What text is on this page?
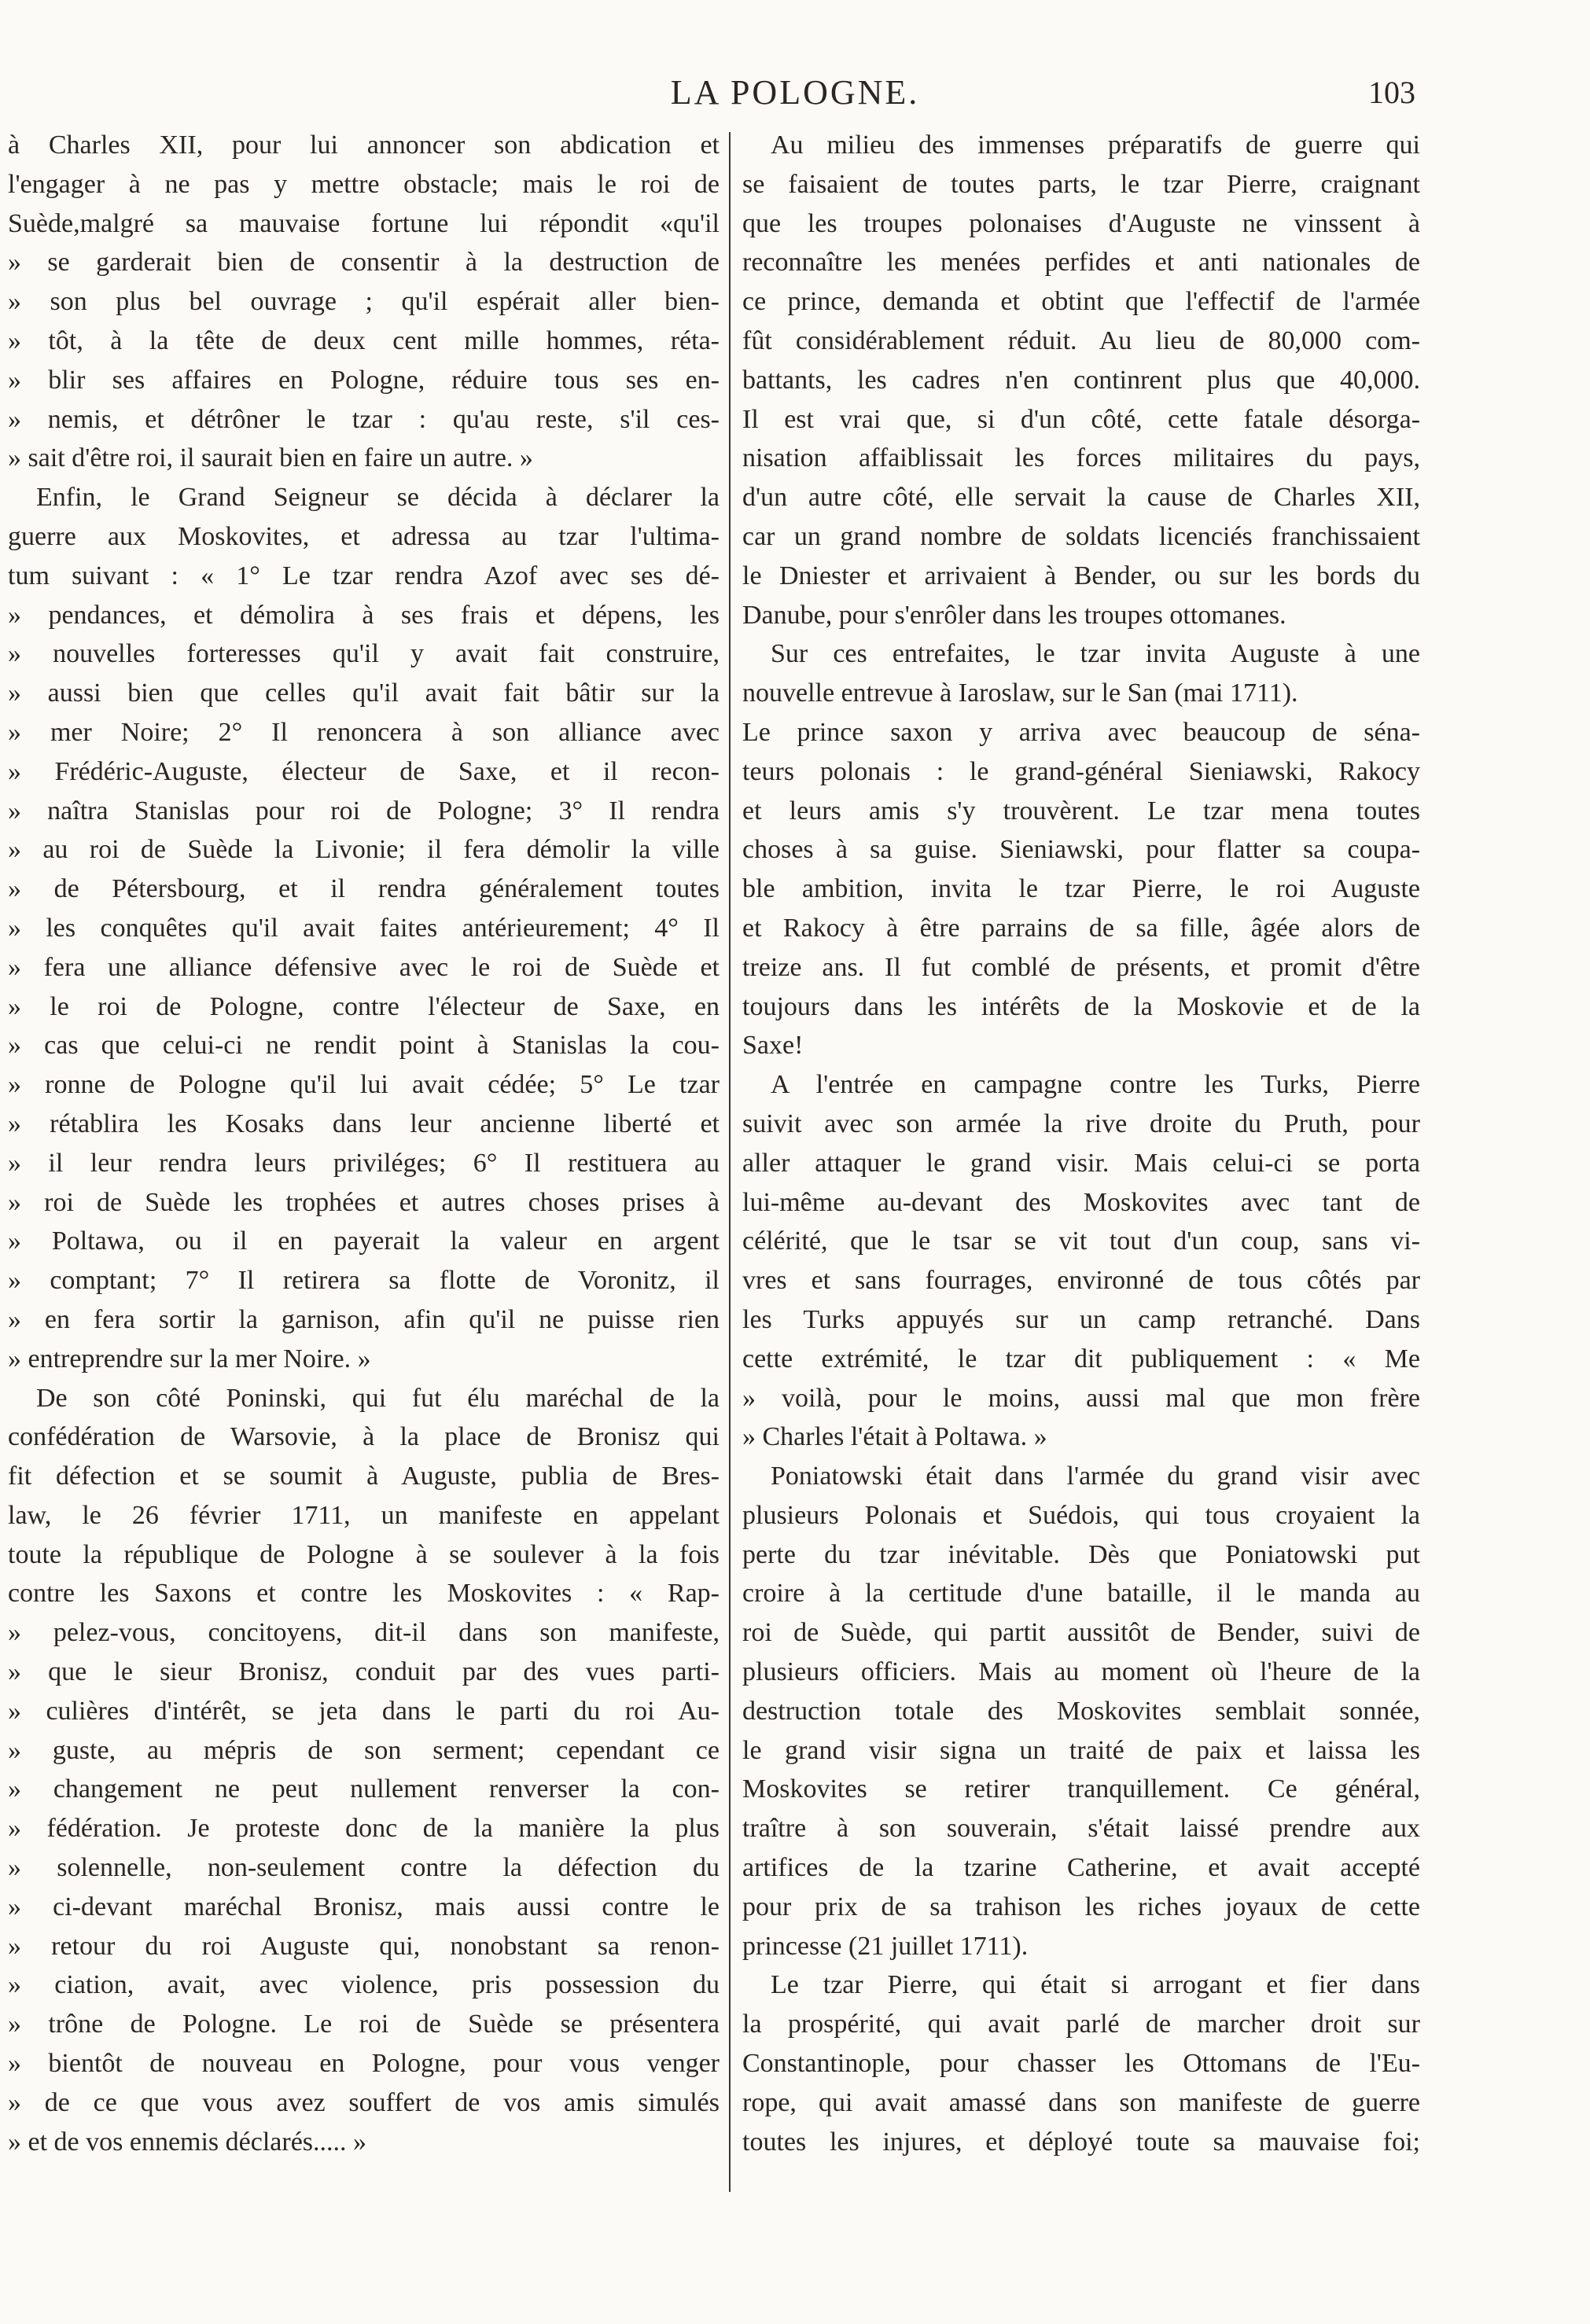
LA POLOGNE.	103
à Charles XII, pour lui annoncer son abdication et
l'engager à ne pas y mettre obstacle; mais le roi de
Suède,malgré sa mauvaise fortune lui répondit «qu'il
» se garderait bien de consentir à la destruction de
» son plus bel ouvrage ; qu'il espérait aller bien-
» tôt, à la tête de deux cent mille hommes, réta-
» blir ses affaires en Pologne, réduire tous ses en-
» nemis, et détrôner le tzar : qu'au reste, s'il ces-
» sait d'être roi, il saurait bien en faire un autre. »
Enfin, le Grand Seigneur se décida à déclarer la
guerre aux Moskovites, et adressa au tzar l'ultima-
tum suivant : « 1° Le tzar rendra Azof avec ses dé-
» pendances, et démolira à ses frais et dépens, les
» nouvelles forteresses qu'il y avait fait construire,
» aussi bien que celles qu'il avait fait bâtir sur la
» mer Noire; 2° Il renoncera à son alliance avec
» Frédéric-Auguste, électeur de Saxe, et il recon-
» naîtra Stanislas pour roi de Pologne; 3° Il rendra
» au roi de Suède la Livonie; il fera démolir la ville
» de Pétersbourg, et il rendra généralement toutes
» les conquêtes qu'il avait faites antérieurement; 4° Il
» fera une alliance défensive avec le roi de Suède et
» le roi de Pologne, contre l'électeur de Saxe, en
» cas que celui-ci ne rendit point à Stanislas la cou-
» ronne de Pologne qu'il lui avait cédée; 5° Le tzar
» rétablira les Kosaks dans leur ancienne liberté et
» il leur rendra leurs priviléges; 6° Il restituera au
» roi de Suède les trophées et autres choses prises à
» Poltawa, ou il en payerait la valeur en argent
» comptant; 7° Il retirera sa flotte de Voronitz, il
» en fera sortir la garnison, afin qu'il ne puisse rien
» entreprendre sur la mer Noire. »
De son côté Poninski, qui fut élu maréchal de la
confédération de Warsovie, à la place de Bronisz qui
fit défection et se soumit à Auguste, publia de Bres-
law, le 26 février 1711, un manifeste en appelant
toute la république de Pologne à se soulever à la fois
contre les Saxons et contre les Moskovites : « Rap-
» pelez-vous, concitoyens, dit-il dans son manifeste,
» que le sieur Bronisz, conduit par des vues parti-
» culières d'intérêt, se jeta dans le parti du roi Au-
» guste, au mépris de son serment; cependant ce
» changement ne peut nullement renverser la con-
» fédération. Je proteste donc de la manière la plus
» solennelle, non-seulement contre la défection du
» ci-devant maréchal Bronisz, mais aussi contre le
» retour du roi Auguste qui, nonobstant sa renon-
» ciation, avait, avec violence, pris possession du
» trône de Pologne. Le roi de Suède se présentera
» bientôt de nouveau en Pologne, pour vous venger
» de ce que vous avez souffert de vos amis simulés
» et de vos ennemis déclarés..... »
Au milieu des immenses préparatifs de guerre qui
se faisaient de toutes parts, le tzar Pierre, craignant
que les troupes polonaises d'Auguste ne vinssent à
reconnaître les menées perfides et anti nationales de
ce prince, demanda et obtint que l'effectif de l'armée
fût considérablement réduit. Au lieu de 80,000 com-
battants, les cadres n'en continrent plus que 40,000.
Il est vrai que, si d'un côté, cette fatale désorga-
nisation affaiblissait les forces militaires du pays,
d'un autre côté, elle servait la cause de Charles XII,
car un grand nombre de soldats licenciés franchissaient
le Dniester et arrivaient à Bender, ou sur les bords du
Danube, pour s'enrôler dans les troupes ottomanes.
Sur ces entrefaites, le tzar invita Auguste à une
nouvelle entrevue à Iaroslaw, sur le San (mai 1711).
Le prince saxon y arriva avec beaucoup de séna-
teurs polonais : le grand-général Sieniawski, Rakocy
et leurs amis s'y trouvèrent. Le tzar mena toutes
choses à sa guise. Sieniawski, pour flatter sa coupa-
ble ambition, invita le tzar Pierre, le roi Auguste
et Rakocy à être parrains de sa fille, âgée alors de
treize ans. Il fut comblé de présents, et promit d'être
toujours dans les intérêts de la Moskovie et de la
Saxe!
A l'entrée en campagne contre les Turks, Pierre
suivit avec son armée la rive droite du Pruth, pour
aller attaquer le grand visir. Mais celui-ci se porta
lui-même au-devant des Moskovites avec tant de
célérité, que le tsar se vit tout d'un coup, sans vi-
vres et sans fourrages, environné de tous côtés par
les Turks appuyés sur un camp retranché. Dans
cette extrémité, le tzar dit publiquement : « Me
» voilà, pour le moins, aussi mal que mon frère
» Charles l'était à Poltawa. »
Poniatowski était dans l'armée du grand visir avec
plusieurs Polonais et Suédois, qui tous croyaient la
perte du tzar inévitable. Dès que Poniatowski put
croire à la certitude d'une bataille, il le manda au
roi de Suède, qui partit aussitôt de Bender, suivi de
plusieurs officiers. Mais au moment où l'heure de la
destruction totale des Moskovites semblait sonnée,
le grand visir signa un traité de paix et laissa les
Moskovites se retirer tranquillement. Ce général,
traître à son souverain, s'était laissé prendre aux
artifices de la tzarine Catherine, et avait accepté
pour prix de sa trahison les riches joyaux de cette
princesse (21 juillet 1711).
Le tzar Pierre, qui était si arrogant et fier dans
la prospérité, qui avait parlé de marcher droit sur
Constantinople, pour chasser les Ottomans de l'Eu-
rope, qui avait amassé dans son manifeste de guerre
toutes les injures, et déployé toute sa mauvaise foi;
